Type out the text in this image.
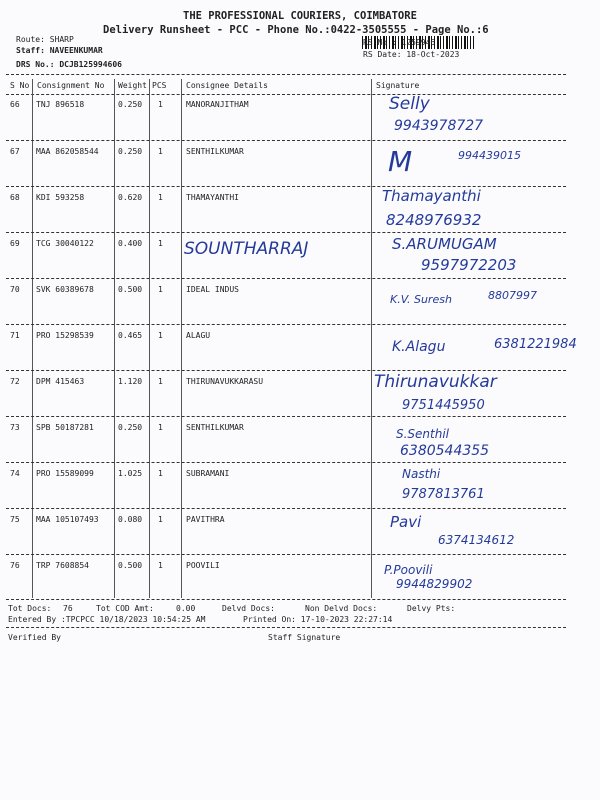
THE PROFESSIONAL COURIERS, COIMBATORE
Delivery Runsheet - PCC - Phone No.:0422-3505555 - Page No.:6
Route: SHARP
Staff: NAVEENKUMAR
DRS No.: DCJB125994606
RS No.: 1259946
RS Date: 18-Oct-2023
S No Consignment No Weight PCS Consignee Details	Signature
66 TNJ 896518	0.250 1	MANORANJITHAM	Selly
9943978727
67 MAA 862058544 0.250 1	SENTHILKUMAR	M	994439015
68 KDI 593258	0.620 1	THAMAYANTHI	Thamayanthi
8248976932
69 TCG 30040122	0.400 1 SOUNTHARRAJ	S.ARUMUGAM
9597972203
70 SVK 60389678	0.500 1	IDEAL INDUS
K.V. Suresh	8807997
71 PRO 15298539	0.465 1	ALAGU
K.Alagu	6381221984
72 DPM 415463	1.120 1	THIRUNAVUKKARASU	Thirunavukkar
9751445950
73 SPB 50187281	0.250 1	SENTHILKUMAR	S.Senthil
6380544355
74 PRO 15589099	1.025 1	SUBRAMANI	Nasthi
9787813761
75 MAA 105107493 0.080 1	PAVITHRA	Pavi
6374134612
76 TRP 7608854	0.500 1	POOVILI	P.Poovili
9944829902
Tot Docs: 76	Tot COD Amt:	0.00	Delvd Docs:	Non Delvd Docs:	Delvy Pts:
Entered By :TPCPCC 10/18/2023 10:54:25 AM	Printed On: 17-10-2023 22:27:14
Verified By	Staff Signature
